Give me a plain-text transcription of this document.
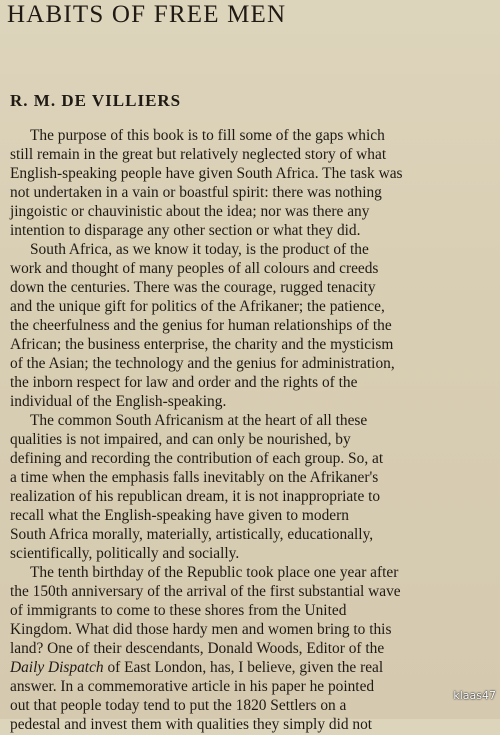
HABITS OF FREE MEN
R. M. DE VILLIERS
The purpose of this book is to fill some of the gaps which
still remain in the great but relatively neglected story of what
English-speaking people have given South Africa. The task was
not undertaken in a vain or boastful spirit: there was nothing
jingoistic or chauvinistic about the idea; nor was there any
intention to disparage any other section or what they did.
South Africa, as we know it today, is the product of the
work and thought of many peoples of all colours and creeds
down the centuries. There was the courage, rugged tenacity
and the unique gift for politics of the Afrikaner; the patience,
the cheerfulness and the genius for human relationships of the
African; the business enterprise, the charity and the mysticism
of the Asian; the technology and the genius for administration,
the inborn respect for law and order and the rights of the
individual of the English-speaking.
The common South Africanism at the heart of all these
qualities is not impaired, and can only be nourished, by
defining and recording the contribution of each group. So, at
a time when the emphasis falls inevitably on the Afrikaner's
realization of his republican dream, it is not inappropriate to
recall what the English-speaking have given to modern
South Africa morally, materially, artistically, educationally,
scientifically, politically and socially.
The tenth birthday of the Republic took place one year after
the 150th anniversary of the arrival of the first substantial wave
of immigrants to come to these shores from the United
Kingdom. What did those hardy men and women bring to this
land? One of their descendants, Donald Woods, Editor of the
Daily Dispatch of East London, has, I believe, given the real
answer. In a commemorative article in his paper he pointed
out that people today tend to put the 1820 Settlers on a
pedestal and invest them with qualities they simply did not
klaas47
